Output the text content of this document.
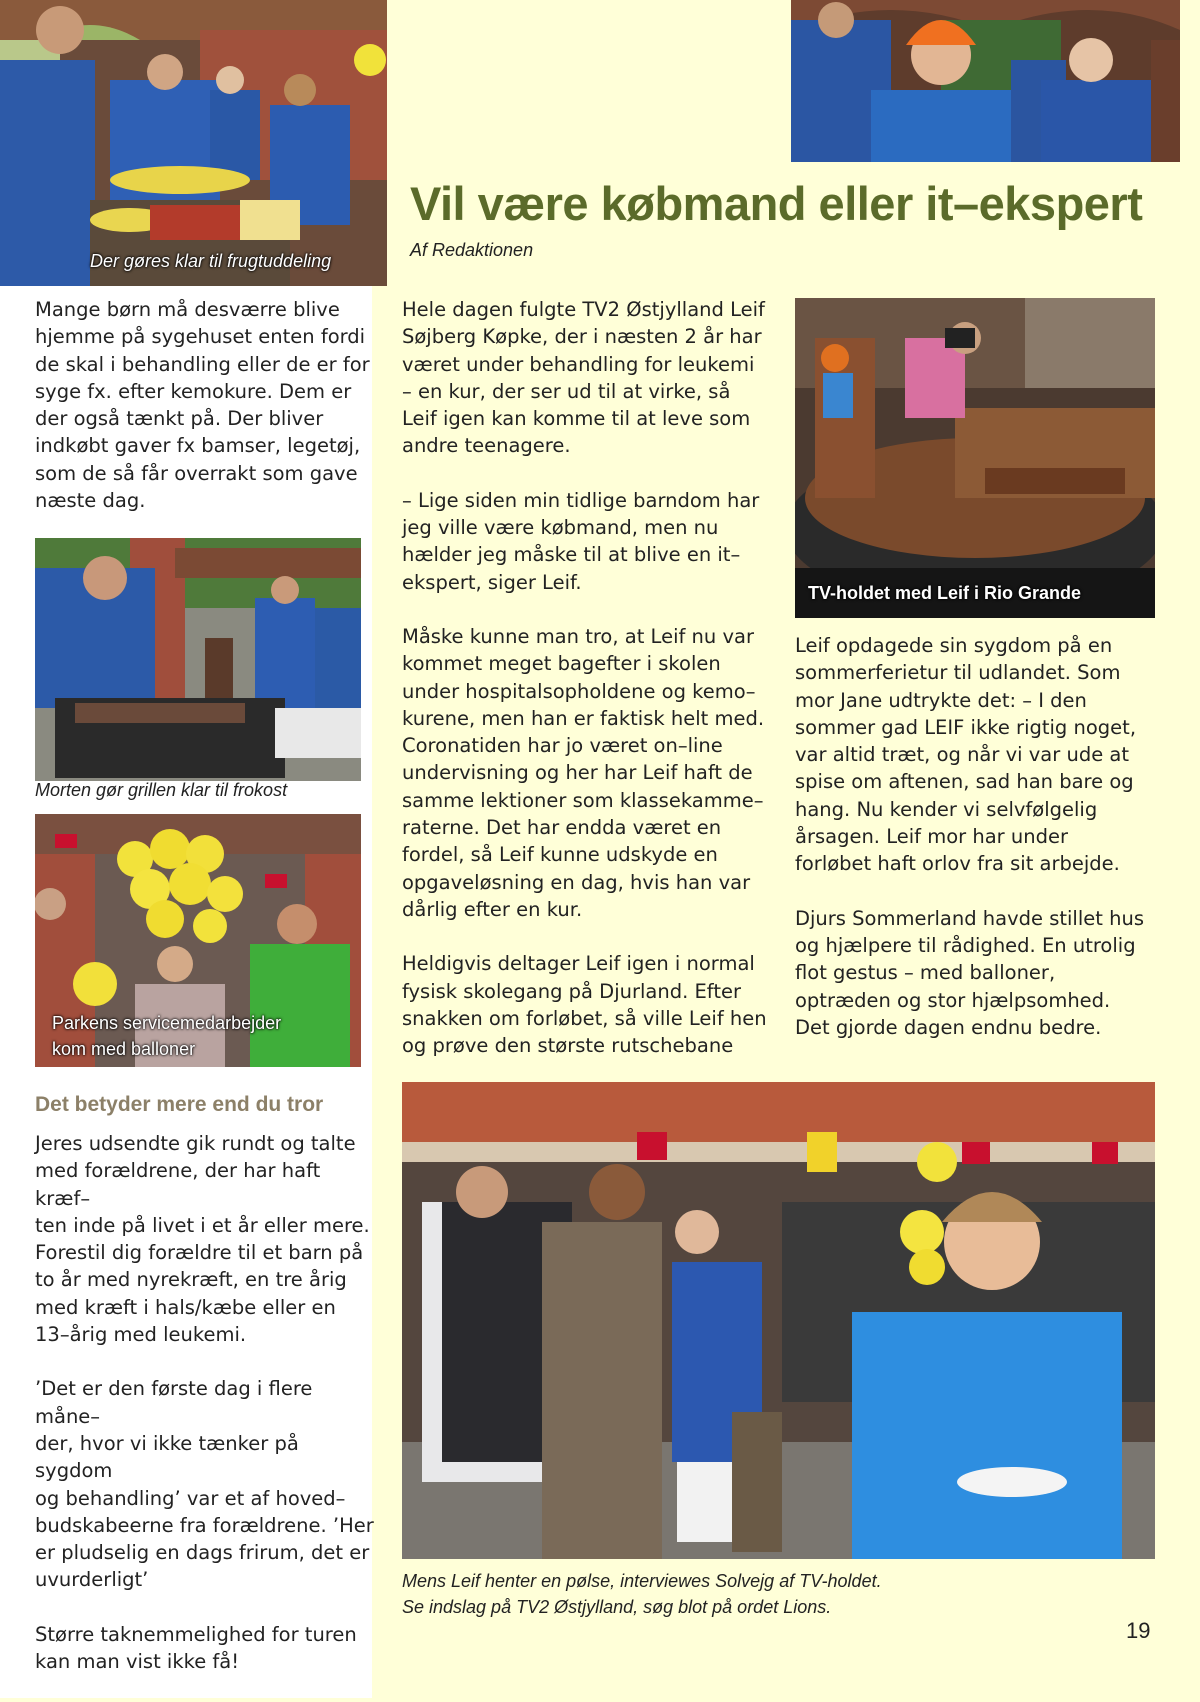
Der gøres klar til frugtuddeling
Vil være købmand eller it–ekspert
Af Redaktionen
Mange børn må desværre blive
hjemme på sygehuset enten fordi
de skal i behandling eller de er for
syge fx. efter kemokure. Dem er
der også tænkt på. Der bliver
indkøbt gaver fx bamser, legetøj,
som de så får overrakt som gave
næste dag.
Morten gør grillen klar til frokost
Parkens servicemedarbejder
kom med balloner
Det betyder mere end du tror

Jeres udsendte gik rundt og talte
med forældrene, der har haft kræf–
ten inde på livet i et år eller mere.
Forestil dig forældre til et barn på
to år med nyrekræft, en tre årig
med kræft i hals/kæbe eller en
13–årig med leukemi.

’Det er den første dag i flere måne–
der, hvor vi ikke tænker på sygdom
og behandling’ var et af hoved–
budskabeerne fra forældrene. ’Her
er pludselig en dags frirum, det er
uvurderligt’

Større taknemmelighed for turen
kan man vist ikke få!

Hele dagen fulgte TV2 Østjylland Leif
Søjberg Køpke, der i næsten 2 år har
været under behandling for leukemi
– en kur, der ser ud til at virke, så
Leif igen kan komme til at leve som
andre teenagere.

– Lige siden min tidlige barndom har
jeg ville være købmand, men nu
hælder jeg måske til at blive en it–
ekspert, siger Leif.

Måske kunne man tro, at Leif nu var
kommet meget bagefter i skolen
under hospitalsopholdene og kemo–
kurene, men han er faktisk helt med.
Coronatiden har jo været on–line
undervisning og her har Leif haft de
samme lektioner som klassekamme–
raterne. Det har endda været en
fordel, så Leif kunne udskyde en
opgaveløsning en dag, hvis han var
dårlig efter en kur.

Heldigvis deltager Leif igen i normal
fysisk skolegang på Djurland. Efter
snakken om forløbet, så ville Leif hen
og prøve den største rutschebane

TV-holdet med Leif i Rio Grande

Leif opdagede sin sygdom på en
sommerferietur til udlandet. Som
mor Jane udtrykte det: – I den
sommer gad LEIF ikke rigtig noget,
var altid træt, og når vi var ude at
spise om aftenen, sad han bare og
hang. Nu kender vi selvfølgelig
årsagen. Leif mor har under
forløbet haft orlov fra sit arbejde.

Djurs Sommerland havde stillet hus
og hjælpere til rådighed. En utrolig
flot gestus – med balloner,
optræden og stor hjælpsomhed.
Det gjorde dagen endnu bedre.

Mens Leif henter en pølse, interviewes Solvejg af TV-holdet.
Se indslag på TV2 Østjylland, søg blot på ordet Lions.
19
